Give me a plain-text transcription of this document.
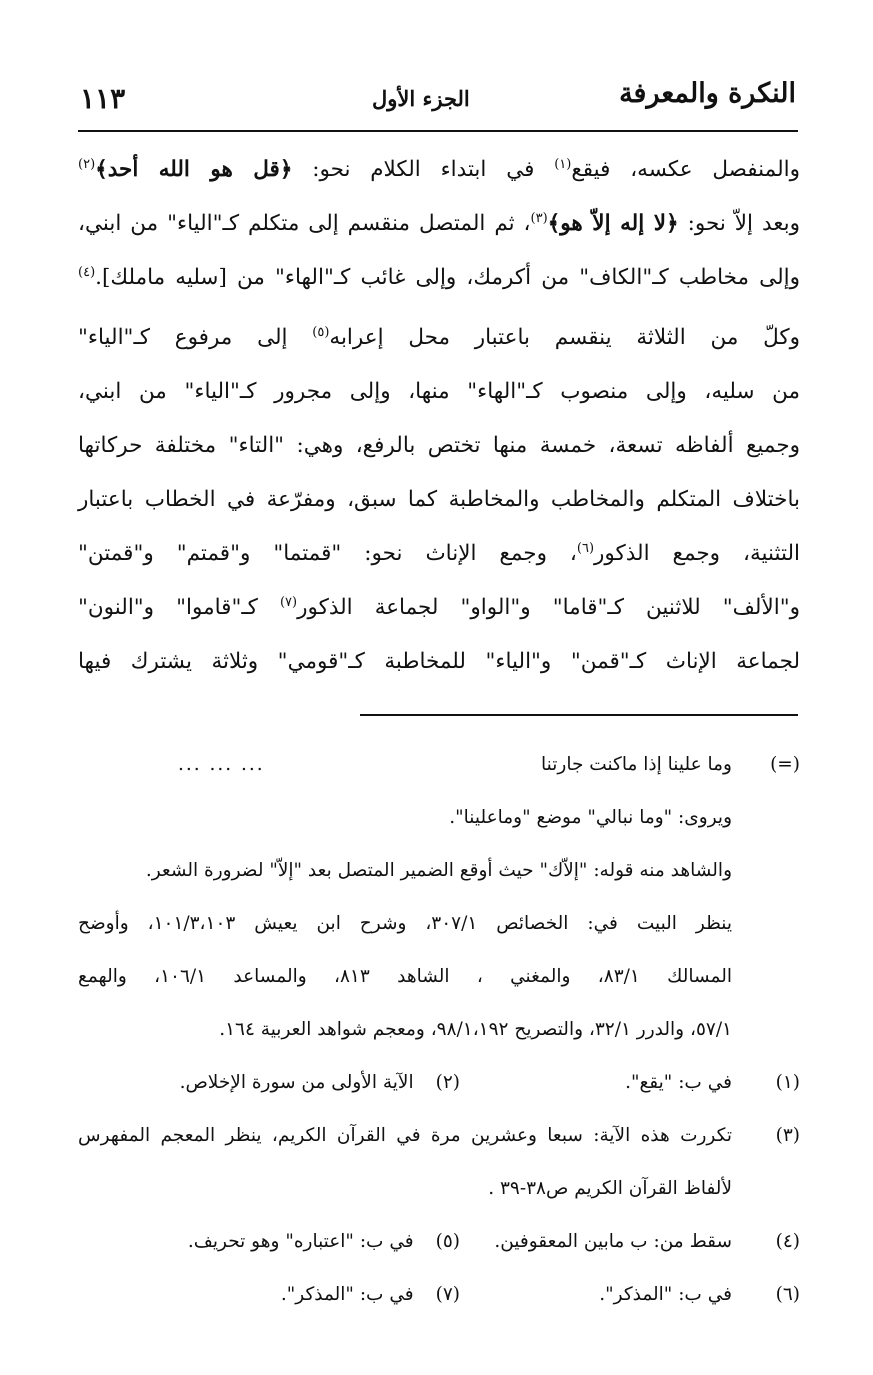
النكرة والمعرفة
الجزء الأول
١١٣
والمنفصل عكسه، فيقع$^{(١)}$ في ابتداء الكلام نحو: ﴿قل هو الله أحد﴾$^{(٢)}$
وبعد إلاّ نحو: ﴿لا إله إلاّ هو﴾$^{(٣)}$، ثم المتصل منقسم إلى متكلم كـ"الياء" من ابني،
وإلى مخاطب كـ"الكاف" من أكرمك، وإلى غائب كـ"الهاء" من [سليه ماملك].$^{(٤)}$
وكلّ من الثلاثة ينقسم باعتبار محل إعرابه$^{(٥)}$ إلى مرفوع كـ"الياء"
من سليه، وإلى منصوب كـ"الهاء" منها، وإلى مجرور كـ"الياء" من ابني،
وجميع ألفاظه تسعة، خمسة منها تختص بالرفع، وهي: "التاء" مختلفة حركاتها
باختلاف المتكلم والمخاطب والمخاطبة كما سبق، ومفرّعة في الخطاب باعتبار
التثنية، وجمع الذكور$^{(٦)}$، وجمع الإناث نحو: "قمتما" و"قمتم" و"قمتن"
و"الألف" للاثنين كـ"قاما" و"الواو" لجماعة الذكور$^{(٧)}$ كـ"قاموا" و"النون"
لجماعة الإناث كـ"قمن" و"الياء" للمخاطبة كـ"قومي" وثلاثة يشترك فيها
(=)
وما علينا إذا ماكنت جارتنا
... ... ...
ويروى: "وما نبالي" موضع "وماعلينا".
والشاهد منه قوله: "إلاّك" حيث أوقع الضمير المتصل بعد "إلاّ" لضرورة الشعر.
ينظر البيت في: الخصائص ٣٠٧/١، وشرح ابن يعيش ١٠١/٣،١٠٣، وأوضح
المسالك ٨٣/١، والمغني ، الشاهد ٨١٣، والمساعد ١٠٦/١، والهمع
٥٧/١، والدرر ٣٢/١، والتصريح ٩٨/١،١٩٢، ومعجم شواهد العربية ١٦٤.
(١)
في ب: "يقع".
(٢)الآية الأولى من سورة الإخلاص.
(٣)
تكررت هذه الآية: سبعا وعشرين مرة في القرآن الكريم، ينظر المعجم المفهرس
لألفاظ القرآن الكريم ص٣٨-٣٩ .
(٤)
سقط من: ب مابين المعقوفين.
(٥)في ب: "اعتباره" وهو تحريف.
(٦)
في ب: "المذكر".
(٧)في ب: "المذكر".
